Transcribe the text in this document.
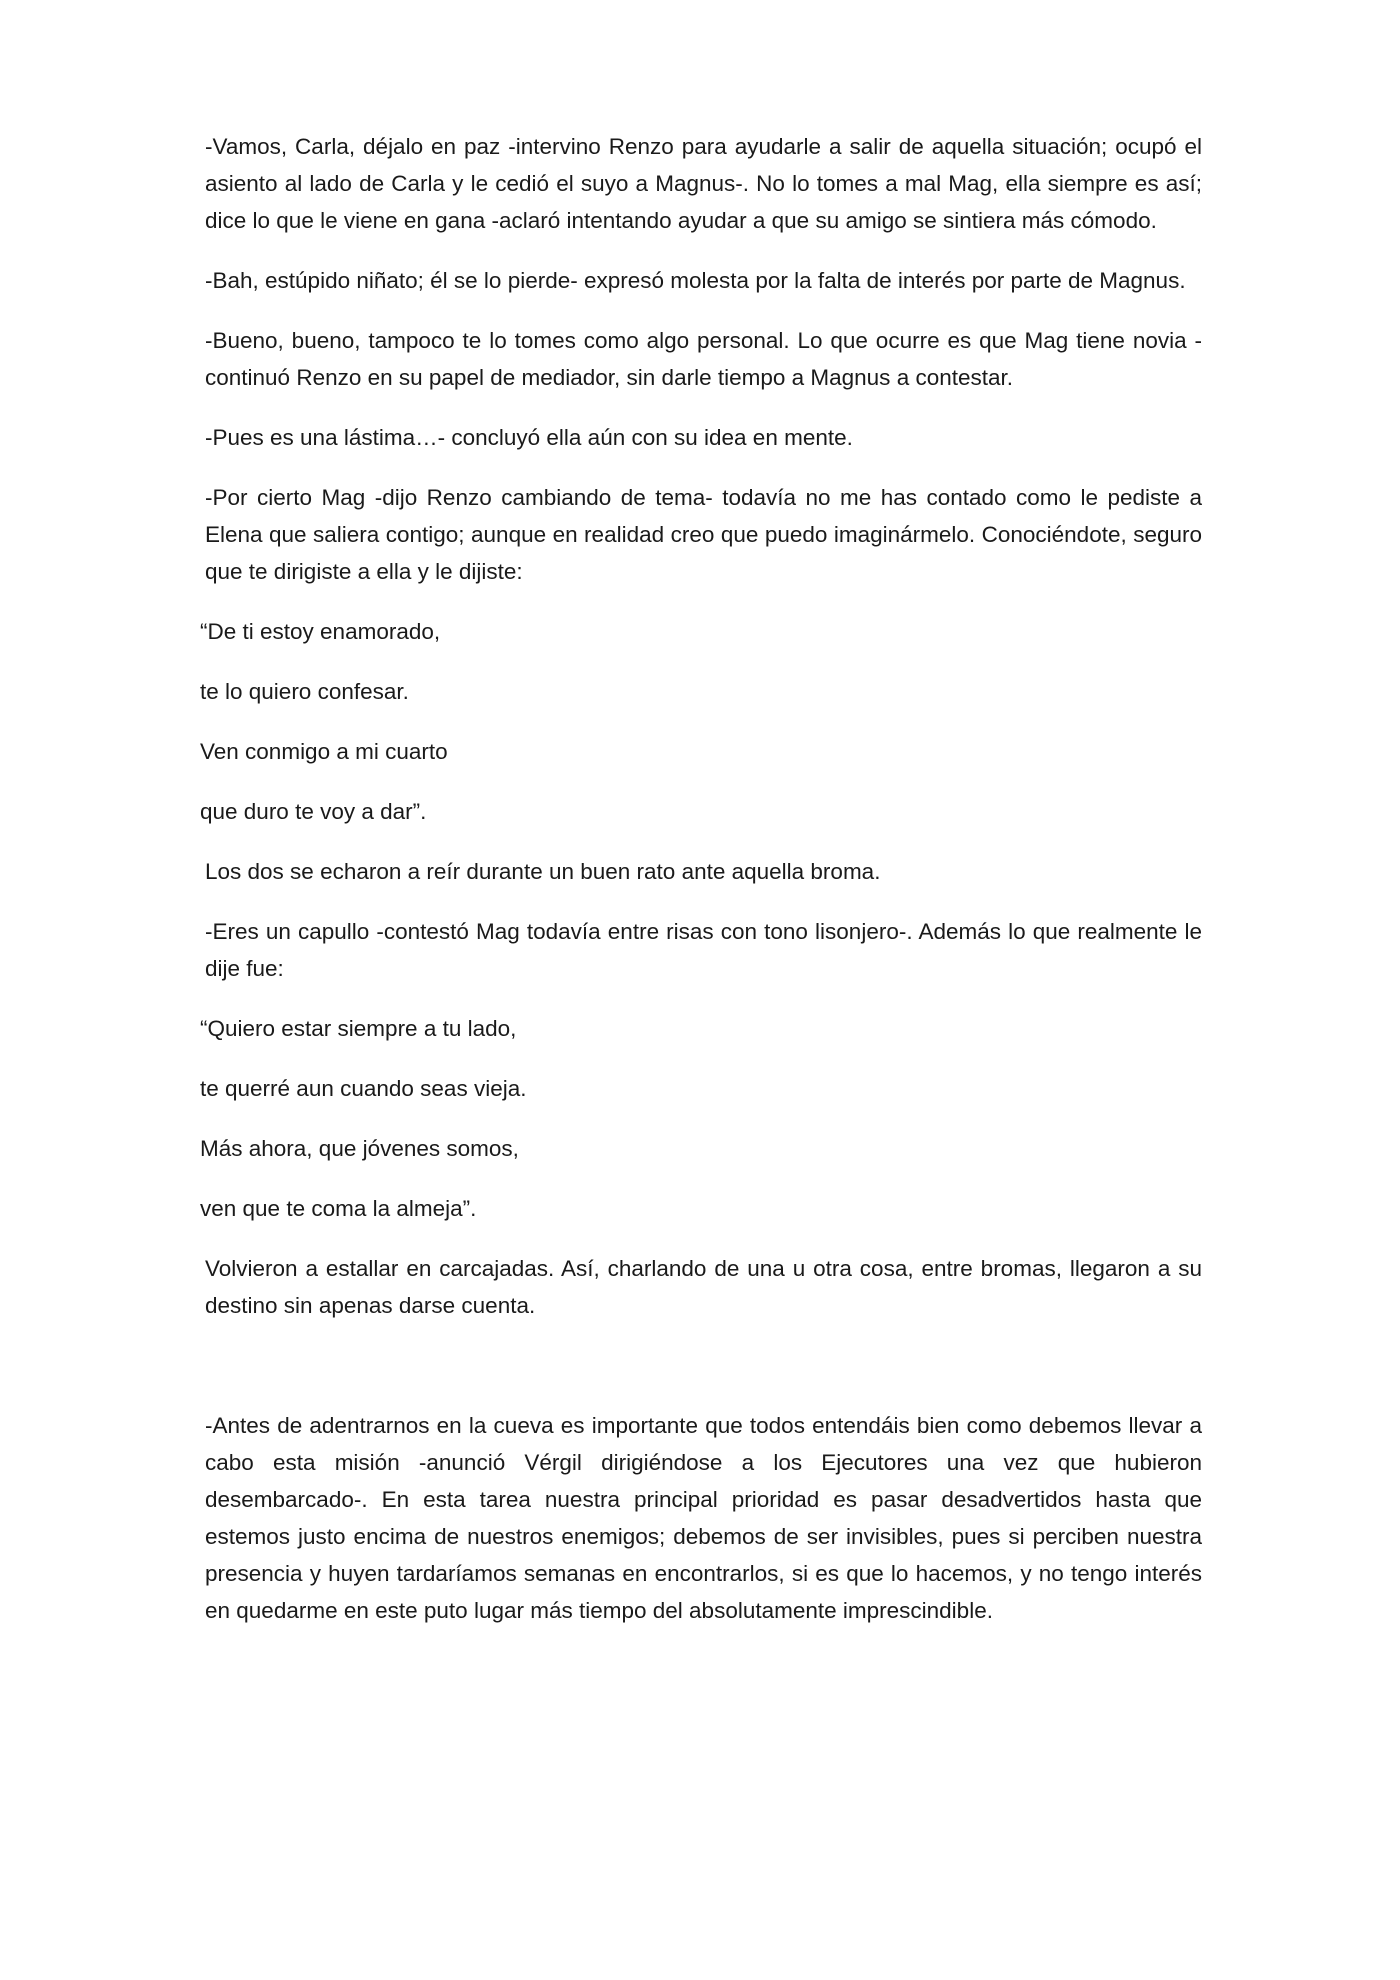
-Vamos, Carla, déjalo en paz -intervino Renzo para ayudarle a salir de aquella situación; ocupó el asiento al lado de Carla y le cedió el suyo a Magnus-. No lo tomes a mal Mag, ella siempre es así; dice lo que le viene en gana -aclaró intentando ayudar a que su amigo se sintiera más cómodo.

-Bah, estúpido niñato; él se lo pierde- expresó molesta por la falta de interés por parte de Magnus.

-Bueno, bueno, tampoco te lo tomes como algo personal. Lo que ocurre es que Mag tiene novia -continuó Renzo en su papel de mediador, sin darle tiempo a Magnus a contestar.

-Pues es una lástima…- concluyó ella aún con su idea en mente.

-Por cierto Mag -dijo Renzo cambiando de tema- todavía no me has contado como le pediste a Elena que saliera contigo; aunque en realidad creo que puedo imaginármelo. Conociéndote, seguro que te dirigiste a ella y le dijiste:

“De ti estoy enamorado,

te lo quiero confesar.

Ven conmigo a mi cuarto

que duro te voy a dar”.

Los dos se echaron a reír durante un buen rato ante aquella broma.

-Eres un capullo -contestó Mag todavía entre risas con tono lisonjero-. Además lo que realmente le dije fue:

“Quiero estar siempre a tu lado,

te querré aun cuando seas vieja.

Más ahora, que jóvenes somos,

ven que te coma la almeja”.

Volvieron a estallar en carcajadas. Así, charlando de una u otra cosa, entre bromas, llegaron a su destino sin apenas darse cuenta.

-Antes de adentrarnos en la cueva es importante que todos entendáis bien como debemos llevar a cabo esta misión -anunció Vérgil dirigiéndose a los Ejecutores una vez que hubieron desembarcado-. En esta tarea nuestra principal prioridad es pasar desadvertidos hasta que estemos justo encima de nuestros enemigos; debemos de ser invisibles, pues si perciben nuestra presencia y huyen tardaríamos semanas en encontrarlos, si es que lo hacemos, y no tengo interés en quedarme en este puto lugar más tiempo del absolutamente imprescindible.
